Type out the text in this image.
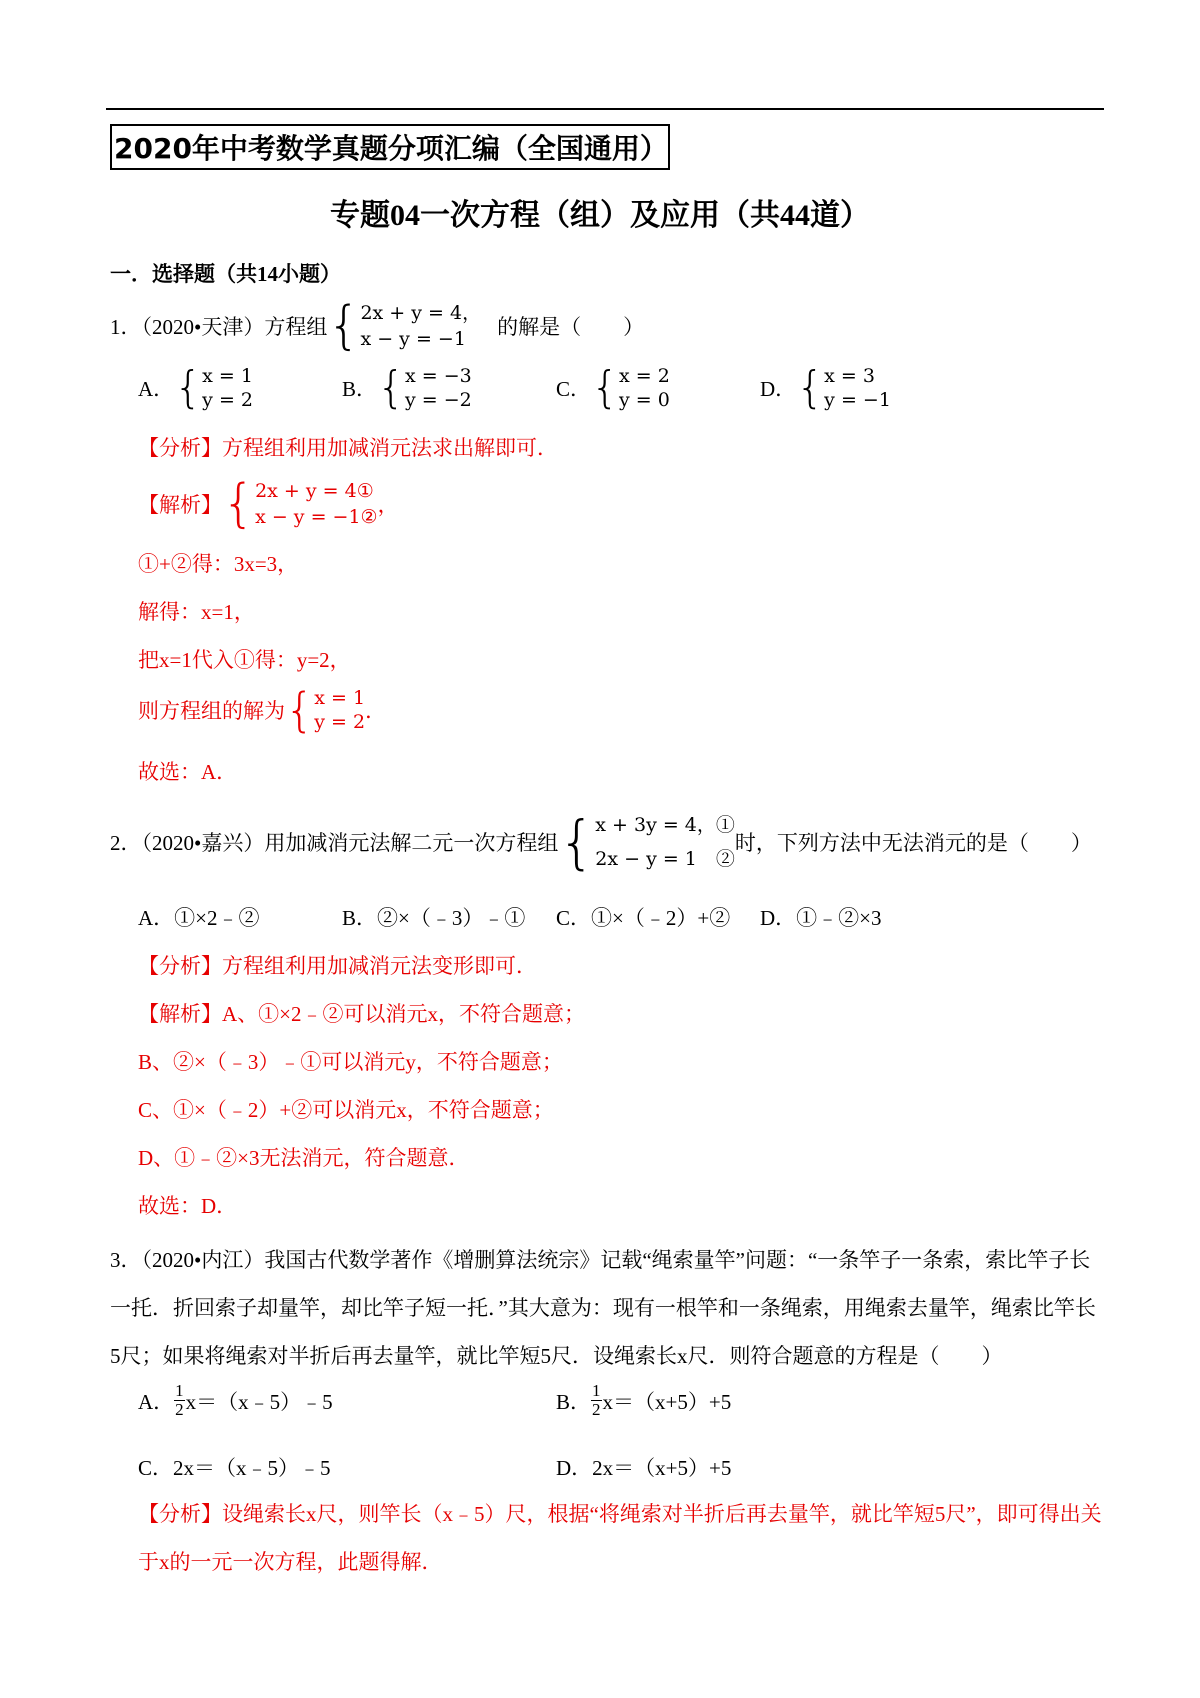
2020年中考数学真题分项汇编（全国通用）
专题04一次方程（组）及应用（共44道）
一．选择题（共14小题）
1．（2020•天津）方程组 { 2x + y = 4，
x − y = −1	的解是（　　）
A． { x = 1
y = 2	B． { x = −3
y = −2	C． { x = 2
y = 0	D． { x = 3
y = −1
【分析】方程组利用加减消元法求出解即可．
【解析】 { 2x + y = 4①
x − y = −1② ，
①+②得：3x=3，
解得：x=1，
把x=1代入①得：y=2，
则方程组的解为 { x = 1
y = 2 ．
故选：A．
2．（2020•嘉兴）用加减消元法解二元一次方程组 { x + 3y = 4，①
2x − y = 1　②
时，下列方法中无法消元的是（　　）
A．①×2﹣②	B．②×（﹣3）﹣① C．①×（﹣2）+② D．①﹣②×3
【分析】方程组利用加减消元法变形即可．
【解析】A、①×2﹣②可以消元x，不符合题意；
B、②×（﹣3）﹣①可以消元y，不符合题意；
C、①×（﹣2）+②可以消元x，不符合题意；
D、①﹣②×3无法消元，符合题意．
故选：D．
3．（2020•内江）我国古代数学著作《增删算法统宗》记载“绳索量竿”问题：“一条竿子一条索，索比竿子长一托．折回索子却量竿，却比竿子短一托．”其大意为：现有一根竿和一条绳索，用绳索去量竿，绳索比竿长5尺；如果将绳索对半折后再去量竿，就比竿短5尺．设绳索长x尺．则符合题意的方程是（　　）
A． $\frac{1}{2}$ x＝（x﹣5）﹣5	B． $\frac{1}{2} x=(x+5)+5$
C．2x＝（x﹣5）﹣5	D．2x＝（x+5）+5
【分析】设绳索长x尺，则竿长（x﹣5）尺，根据“将绳索对半折后再去量竿，就比竿短5尺”，即可得出关于x的一元一次方程，此题得解．
